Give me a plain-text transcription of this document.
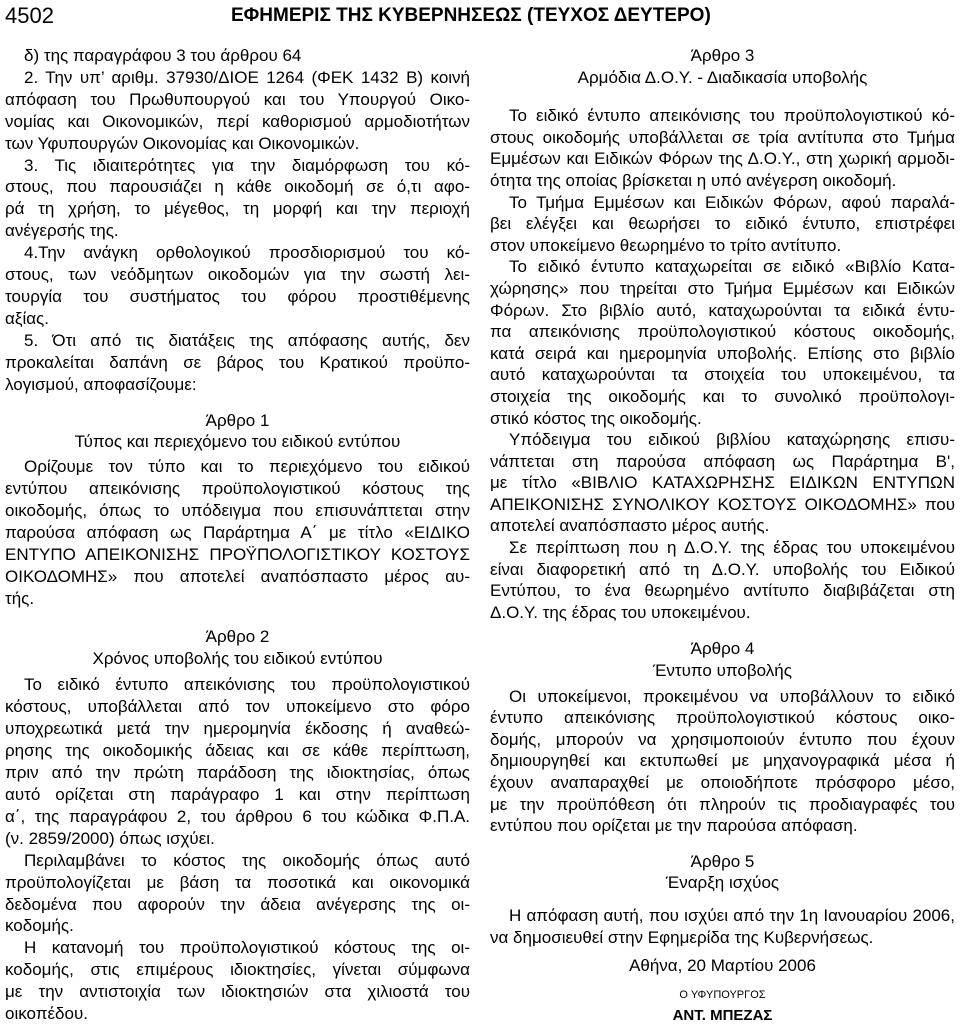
4502	ΕΦΗΜΕΡΙΣ ΤΗΣ ΚΥΒΕΡΝΗΣΕΩΣ (ΤΕΥΧΟΣ ΔΕΥΤΕΡΟ)
δ) της παραγράφου 3 του άρθρου 64
2. Την υπ’ αριθμ. 37930/ΔΙΟΕ 1264 (ΦΕΚ 1432 Β) κοινή
απόφαση του Πρωθυπουργού και του Υπουργού Οικο-
νομίας και Οικονομικών, περί καθορισμού αρμοδιοτήτων
των Υφυπουργών Οικονομίας και Οικονομικών.
3. Τις ιδιαιτερότητες για την διαμόρφωση του κό-
στους, που παρουσιάζει η κάθε οικοδομή σε ό,τι αφο-
ρά τη χρήση, το μέγεθος, τη μορφή και την περιοχή
ανέγερσής της.
4.Την ανάγκη ορθολογικού προσδιορισμού του κό-
στους, των νεόδμητων οικοδομών για την σωστή λει-
τουργία του συστήματος του φόρου προστιθέμενης
αξίας.
5. Ότι από τις διατάξεις της απόφασης αυτής, δεν
προκαλείται δαπάνη σε βάρος του Κρατικού προϋπο-
λογισμού, αποφασίζουμε:
Άρθρο 1
Τύπος και περιεχόμενο του ειδικού εντύπου
Ορίζουμε τον τύπο και το περιεχόμενο του ειδικού
εντύπου απεικόνισης προϋπολογιστικού κόστους της
οικοδομής, όπως το υπόδειγμα που επισυνάπτεται στην
παρούσα απόφαση ως Παράρτημα Α΄ με τίτλο «ΕΙΔΙΚΟ
ΕΝΤΥΠΟ ΑΠΕΙΚΟΝΙΣΗΣ ΠΡΟΫΠΟΛΟΓΙΣΤΙΚΟΥ ΚΟΣΤΟΥΣ
ΟΙΚΟΔΟΜΗΣ» που αποτελεί αναπόσπαστο μέρος αυ-
τής.
Άρθρο 2
Χρόνος υποβολής του ειδικού εντύπου
Το ειδικό έντυπο απεικόνισης του προϋπολογιστικού
κόστους, υποβάλλεται από τον υποκείμενο στο φόρο
υποχρεωτικά μετά την ημερομηνία έκδοσης ή αναθεώ-
ρησης της οικοδομικής άδειας και σε κάθε περίπτωση,
πριν από την πρώτη παράδοση της ιδιοκτησίας, όπως
αυτό ορίζεται στη παράγραφο 1 και στην περίπτωση
α΄, της παραγράφου 2, του άρθρου 6 του κώδικα Φ.Π.Α.
(ν. 2859/2000) όπως ισχύει.
Περιλαμβάνει το κόστος της οικοδομής όπως αυτό
προϋπολογίζεται με βάση τα ποσοτικά και οικονομικά
δεδομένα που αφορούν την άδεια ανέγερσης της οι-
κοδομής.
Η κατανομή του προϋπολογιστικού κόστους της οι-
κοδομής, στις επιμέρους ιδιοκτησίες, γίνεται σύμφωνα
με την αντιστοιχία των ιδιοκτησιών στα χιλιοστά του
οικοπέδου.
Άρθρο 3
Αρμόδια Δ.Ο.Υ. - Διαδικασία υποβολής
Το ειδικό έντυπο απεικόνισης του προϋπολογιστικού κό-
στους οικοδομής υποβάλλεται σε τρία αντίτυπα στο Τμήμα
Εμμέσων και Ειδικών Φόρων της Δ.Ο.Υ., στη χωρική αρμοδι-
ότητα της οποίας βρίσκεται η υπό ανέγερση οικοδομή.
Το Τμήμα Εμμέσων και Ειδικών Φόρων, αφού παραλά-
βει ελέγξει και θεωρήσει το ειδικό έντυπο, επιστρέφει
στον υποκείμενο θεωρημένο το τρίτο αντίτυπο.
Το ειδικό έντυπο καταχωρείται σε ειδικό «Βιβλίο Κατα-
χώρησης» που τηρείται στο Τμήμα Εμμέσων και Ειδικών
Φόρων. Στο βιβλίο αυτό, καταχωρούνται τα ειδικά έντυ-
πα απεικόνισης προϋπολογιστικού κόστους οικοδομής,
κατά σειρά και ημερομηνία υποβολής. Επίσης στο βιβλίο
αυτό καταχωρούνται τα στοιχεία του υποκειμένου, τα
στοιχεία της οικοδομής και το συνολικό προϋπολογι-
στικό κόστος της οικοδομής.
Υπόδειγμα του ειδικού βιβλίου καταχώρησης επισυ-
νάπτεται στη παρούσα απόφαση ως Παράρτημα Β',
με τίτλο «ΒΙΒΛΙΟ ΚΑΤΑΧΩΡΗΣΗΣ ΕΙΔΙΚΩΝ ΕΝΤΥΠΩΝ
ΑΠΕΙΚΟΝΙΣΗΣ ΣΥΝΟΛΙΚΟΥ ΚΟΣΤΟΥΣ ΟΙΚΟΔΟΜΗΣ» που
αποτελεί αναπόσπαστο μέρος αυτής.
Σε περίπτωση που η Δ.Ο.Υ. της έδρας του υποκειμένου
είναι διαφορετική από τη Δ.Ο.Υ. υποβολής του Ειδικού
Εντύπου, το ένα θεωρημένο αντίτυπο διαβιβάζεται στη
Δ.Ο.Υ. της έδρας του υποκειμένου.
Άρθρο 4
Έντυπο υποβολής
Οι υποκείμενοι, προκειμένου να υποβάλλουν το ειδικό
έντυπο απεικόνισης προϋπολογιστικού κόστους οικο-
δομής, μπορούν να χρησιμοποιούν έντυπο που έχουν
δημιουργηθεί και εκτυπωθεί με μηχανογραφικά μέσα ή
έχουν αναπαραχθεί με οποιοδήποτε πρόσφορο μέσο,
με την προϋπόθεση ότι πληρούν τις προδιαγραφές του
εντύπου που ορίζεται με την παρούσα απόφαση.
Άρθρο 5
Έναρξη ισχύος
Η απόφαση αυτή, που ισχύει από την 1η Ιανουαρίου 2006,
να δημοσιευθεί στην Εφημερίδα της Κυβερνήσεως.
Αθήνα, 20 Μαρτίου 2006
Ο ΥΦΥΠΟΥΡΓΟΣ
ΑΝΤ. ΜΠΕΖΑΣ
